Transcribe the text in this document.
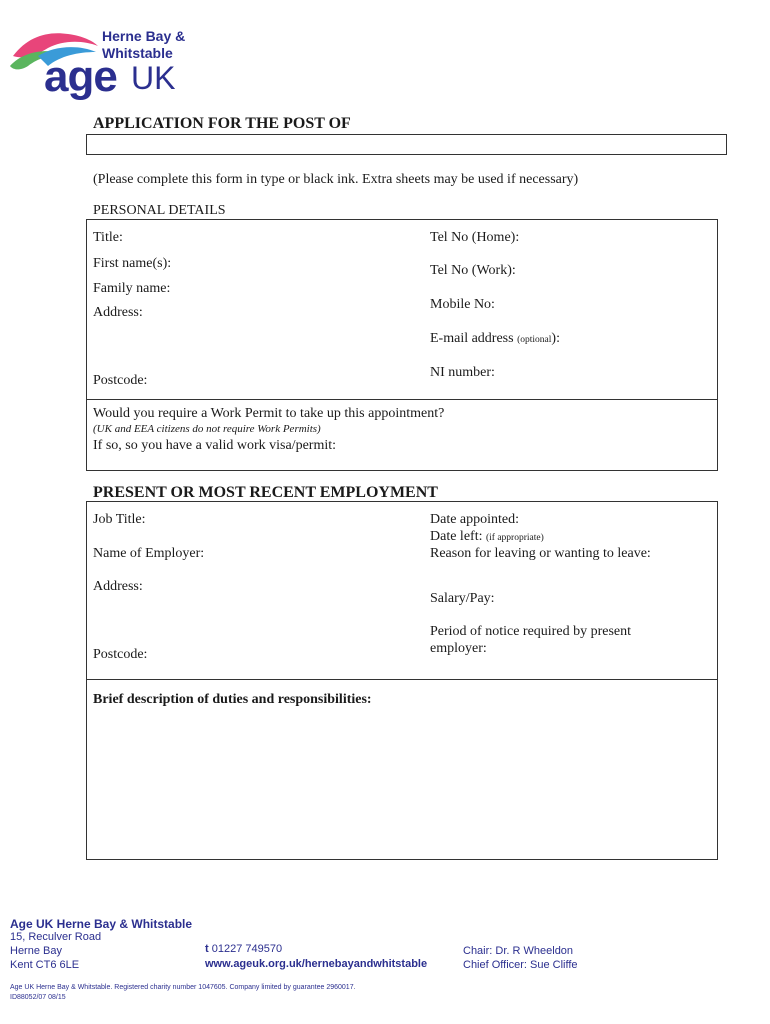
Herne Bay &
Whitstable
age UK
APPLICATION FOR THE POST OF
(Please complete this form in type or black ink. Extra sheets may be used if necessary)
PERSONAL DETAILS
Title:
First name(s):
Family name:
Address:
Postcode:
Tel No (Home):
Tel No (Work):
Mobile No:
E-mail address (optional):
NI number:
Would you require a Work Permit to take up this appointment?
(UK and EEA citizens do not require Work Permits)
If so, so you have a valid work visa/permit:
PRESENT OR MOST RECENT EMPLOYMENT
Job Title:
Name of Employer:
Address:
Postcode:
Date appointed:
Date left: (if appropriate)
Reason for leaving or wanting to leave:
Salary/Pay:
Period of notice required by present
employer:
Brief description of duties and responsibilities:
Age UK Herne Bay & Whitstable
15, Reculver Road
Herne Bay
Kent CT6 6LE
t 01227 749570
www.ageuk.org.uk/hernebayandwhitstable
Chair: Dr. R Wheeldon
Chief Officer: Sue Cliffe
Age UK Herne Bay & Whitstable. Registered charity number 1047605. Company limited by guarantee 2960017.
ID88052/07 08/15
